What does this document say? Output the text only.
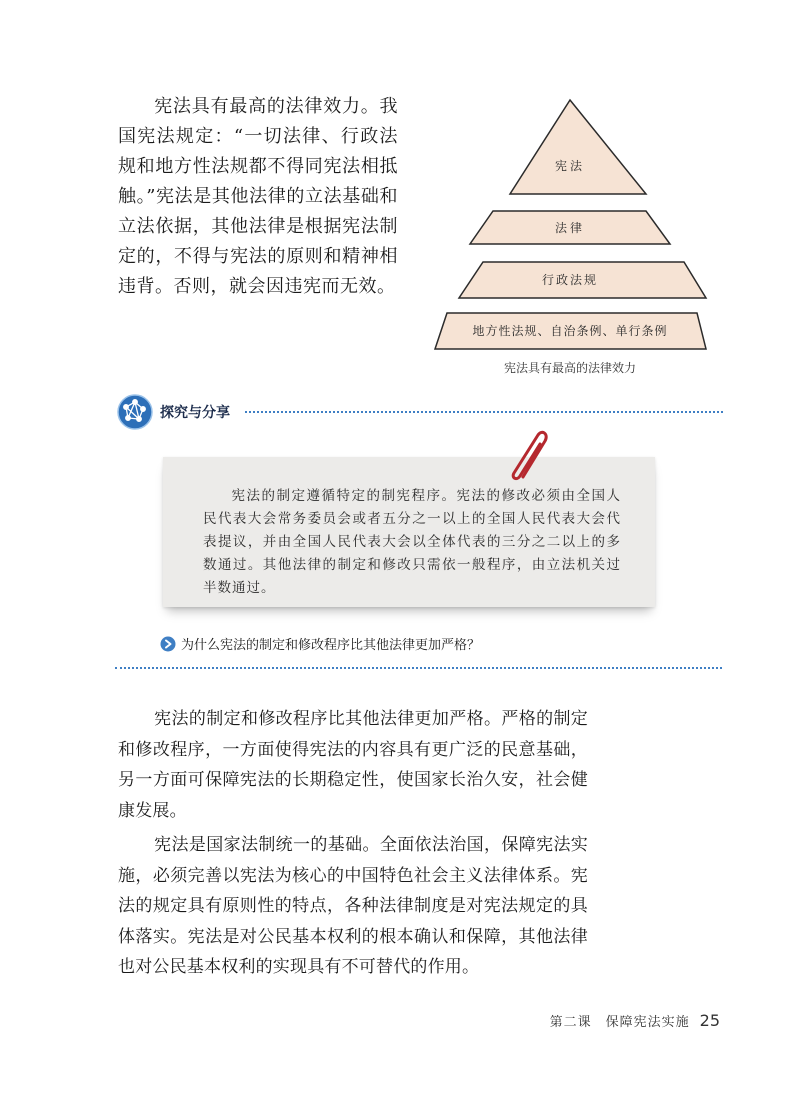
宪法具有最高的法律效力。我国宪法规定：“一切法律、行政法规和地方性法规都不得同宪法相抵触。”宪法是其他法律的立法基础和立法依据，其他法律是根据宪法制定的，不得与宪法的原则和精神相违背。否则，就会因违宪而无效。

宪法
法律
行政法规
地方性法规、自治条例、单行条例
宪法具有最高的法律效力
探究与分享

宪法的制定遵循特定的制宪程序。宪法的修改必须由全国人民代表大会常务委员会或者五分之一以上的全国人民代表大会代表提议，并由全国人民代表大会以全体代表的三分之二以上的多数通过。其他法律的制定和修改只需依一般程序，由立法机关过半数通过。

为什么宪法的制定和修改程序比其他法律更加严格？

宪法的制定和修改程序比其他法律更加严格。严格的制定和修改程序，一方面使得宪法的内容具有更广泛的民意基础，另一方面可保障宪法的长期稳定性，使国家长治久安，社会健康发展。

宪法是国家法制统一的基础。全面依法治国，保障宪法实施，必须完善以宪法为核心的中国特色社会主义法律体系。宪法的规定具有原则性的特点，各种法律制度是对宪法规定的具体落实。宪法是对公民基本权利的根本确认和保障，其他法律也对公民基本权利的实现具有不可替代的作用。

第二课　保障宪法实施 25
